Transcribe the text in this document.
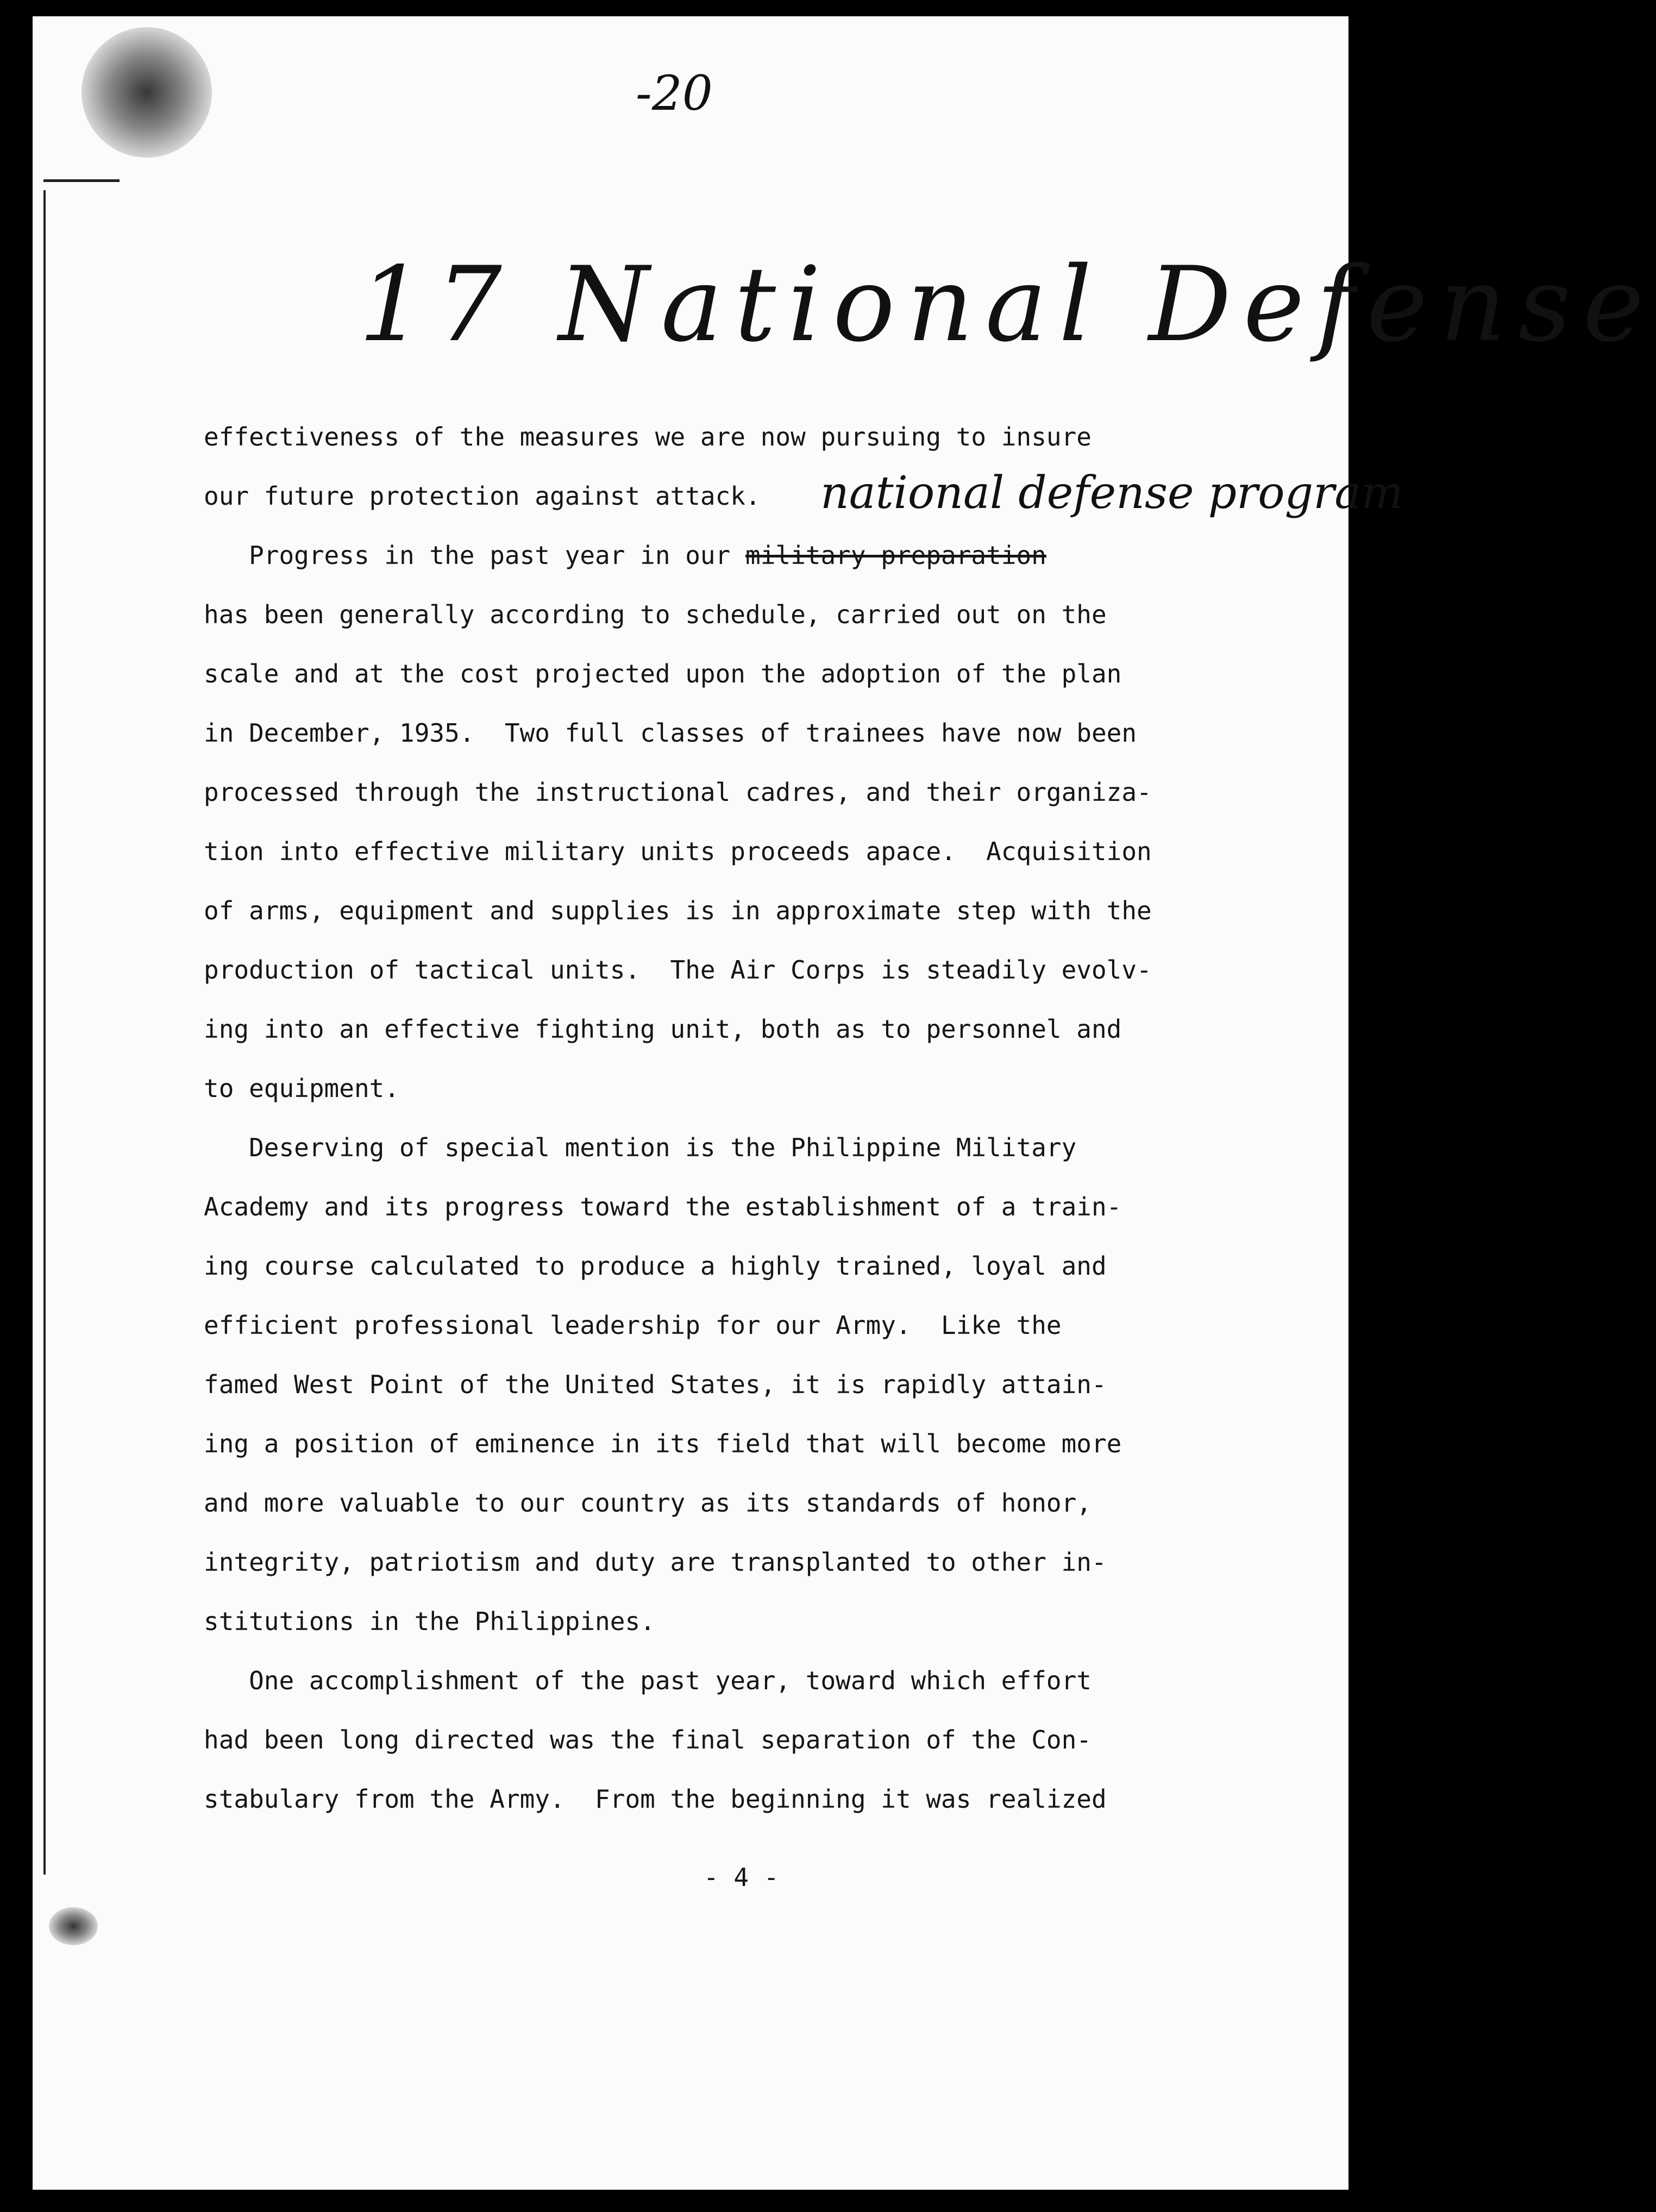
-20
17 National Defense
national defense program
effectiveness of the measures we are now pursuing to insure
our future protection against attack.
Progress in the past year in our military preparation
has been generally according to schedule, carried out on the
scale and at the cost projected upon the adoption of the plan
in December, 1935.  Two full classes of trainees have now been
processed through the instructional cadres, and their organiza-
tion into effective military units proceeds apace.  Acquisition
of arms, equipment and supplies is in approximate step with the
production of tactical units.  The Air Corps is steadily evolv-
ing into an effective fighting unit, both as to personnel and
to equipment.
Deserving of special mention is the Philippine Military
Academy and its progress toward the establishment of a train-
ing course calculated to produce a highly trained, loyal and
efficient professional leadership for our Army.  Like the
famed West Point of the United States, it is rapidly attain-
ing a position of eminence in its field that will become more
and more valuable to our country as its standards of honor,
integrity, patriotism and duty are transplanted to other in-
stitutions in the Philippines.
One accomplishment of the past year, toward which effort
had been long directed was the final separation of the Con-
stabulary from the Army.  From the beginning it was realized
- 4 -
